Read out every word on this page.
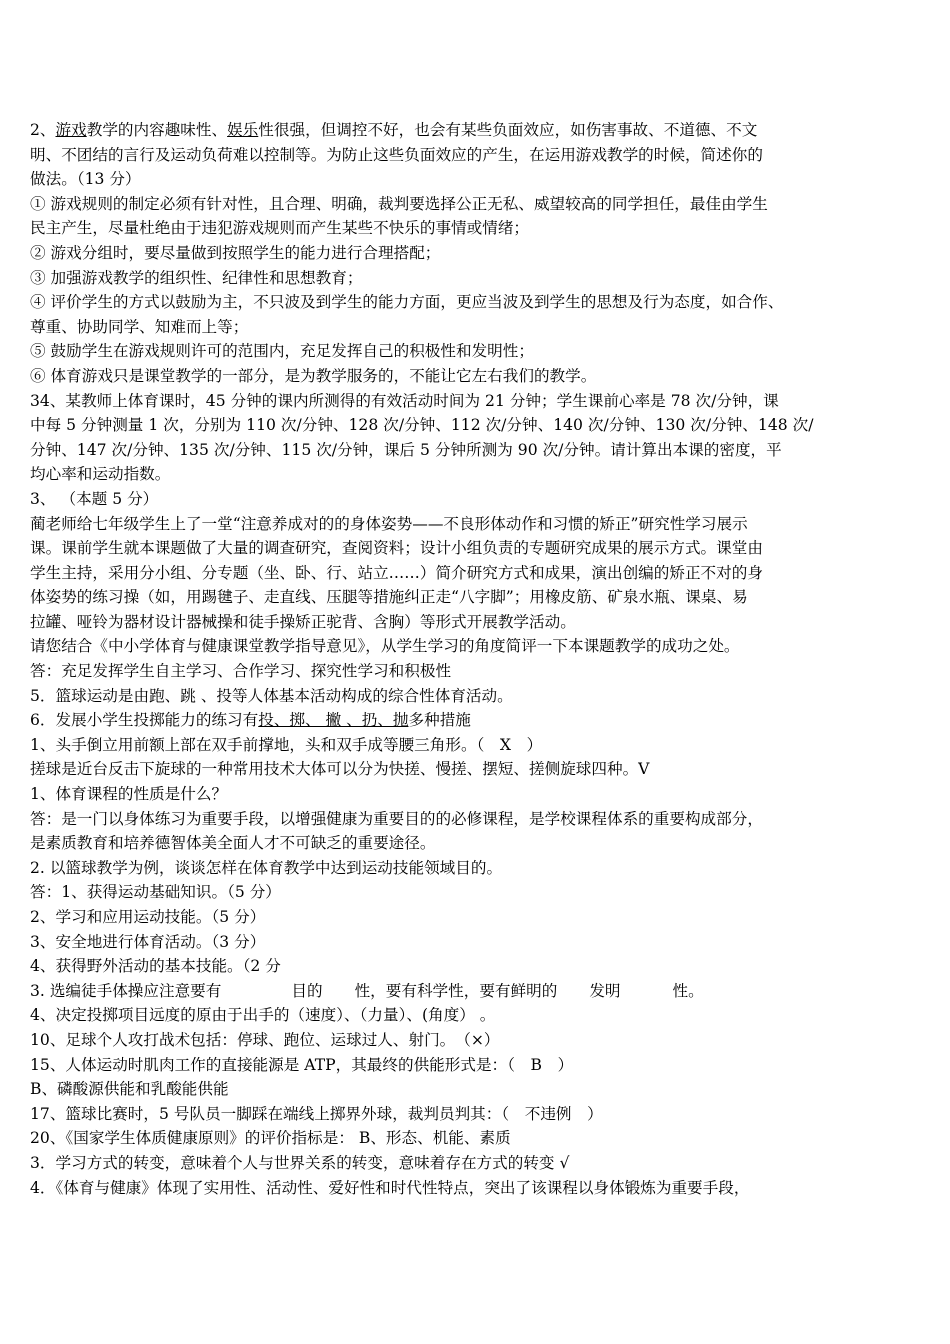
2、游戏教学的内容趣味性、娱乐性很强，但调控不好，也会有某些负面效应，如伤害事故、不道德、不文
明、不团结的言行及运动负荷难以控制等。为防止这些负面效应的产生，在运用游戏教学的时候，简述你的
做法。（13 分）
① 游戏规则的制定必须有针对性，且合理、明确，裁判要选择公正无私、威望较高的同学担任，最佳由学生
民主产生，尽量杜绝由于违犯游戏规则而产生某些不快乐的事情或情绪；
② 游戏分组时，要尽量做到按照学生的能力进行合理搭配；
③ 加强游戏教学的组织性、纪律性和思想教育；
④ 评价学生的方式以鼓励为主，不只波及到学生的能力方面，更应当波及到学生的思想及行为态度，如合作、
尊重、协助同学、知难而上等；
⑤ 鼓励学生在游戏规则许可的范围内，充足发挥自己的积极性和发明性；
⑥ 体育游戏只是课堂教学的一部分，是为教学服务的，不能让它左右我们的教学。
34、某教师上体育课时，45 分钟的课内所测得的有效活动时间为 21 分钟；学生课前心率是 78 次/分钟，课
中每 5 分钟测量 1 次，分别为 110 次/分钟、128 次/分钟、112 次/分钟、140 次/分钟、130 次/分钟、148 次/
分钟、147 次/分钟、135 次/分钟、115 次/分钟，课后 5 分钟所测为 90 次/分钟。请计算出本课的密度，平
均心率和运动指数。
3、 （本题 5 分）
蔺老师给七年级学生上了一堂“注意养成对的的身体姿势——不良形体动作和习惯的矫正”研究性学习展示
课。课前学生就本课题做了大量的调查研究，查阅资料；设计小组负责的专题研究成果的展示方式。课堂由
学生主持，采用分小组、分专题（坐、卧、行、站立……）简介研究方式和成果，演出创编的矫正不对的身
体姿势的练习操（如，用踢毽子、走直线、压腿等措施纠正走“八字脚”；用橡皮筋、矿泉水瓶、课桌、易
拉罐、哑铃为器材设计器械操和徒手操矫正驼背、含胸）等形式开展教学活动。
请您结合《中小学体育与健康课堂教学指导意见》，从学生学习的角度简评一下本课题教学的成功之处。
答：充足发挥学生自主学习、合作学习、探究性学习和积极性
5．篮球运动是由跑、跳 、投等人体基本活动构成的综合性体育活动。
6．发展小学生投掷能力的练习有投、掷、 撇 、扔、抛多种措施
1、头手倒立用前额上部在双手前撑地，头和双手成等腰三角形。（　X　）
搓球是近台反击下旋球的一种常用技术大体可以分为快搓、慢搓、摆短、搓侧旋球四种。V
1、体育课程的性质是什么？
答：是一门以身体练习为重要手段，以增强健康为重要目的的必修课程，是学校课程体系的重要构成部分，
是素质教育和培养德智体美全面人才不可缺乏的重要途径。
2. 以篮球教学为例，谈谈怎样在体育教学中达到运动技能领域目的。
答：1、获得运动基础知识。（5 分）
2、学习和应用运动技能。（5 分）
3、安全地进行体育活动。（3 分）
4、获得野外活动的基本技能。（2 分
3. 选编徒手体操应注意要有	目的 性，要有科学性，要有鲜明的 发明	性。
4、决定投掷项目远度的原由于出手的（速度）、（力量）、(角度） 。
10、足球个人攻打战术包括：停球、跑位、运球过人、射门。　（×）
15、人体运动时肌肉工作的直接能源是 ATP，其最终的供能形式是：（　B　）
B、磷酸源供能和乳酸能供能
17、篮球比赛时，5 号队员一脚踩在端线上掷界外球，裁判员判其：（　不违例　）
20、《国家学生体质健康原则》的评价指标是： B、形态、机能、素质
3．学习方式的转变，意味着个人与世界关系的转变，意味着存在方式的转变 √
4．《体育与健康》体现了实用性、活动性、爱好性和时代性特点，突出了该课程以身体锻炼为重要手段，
